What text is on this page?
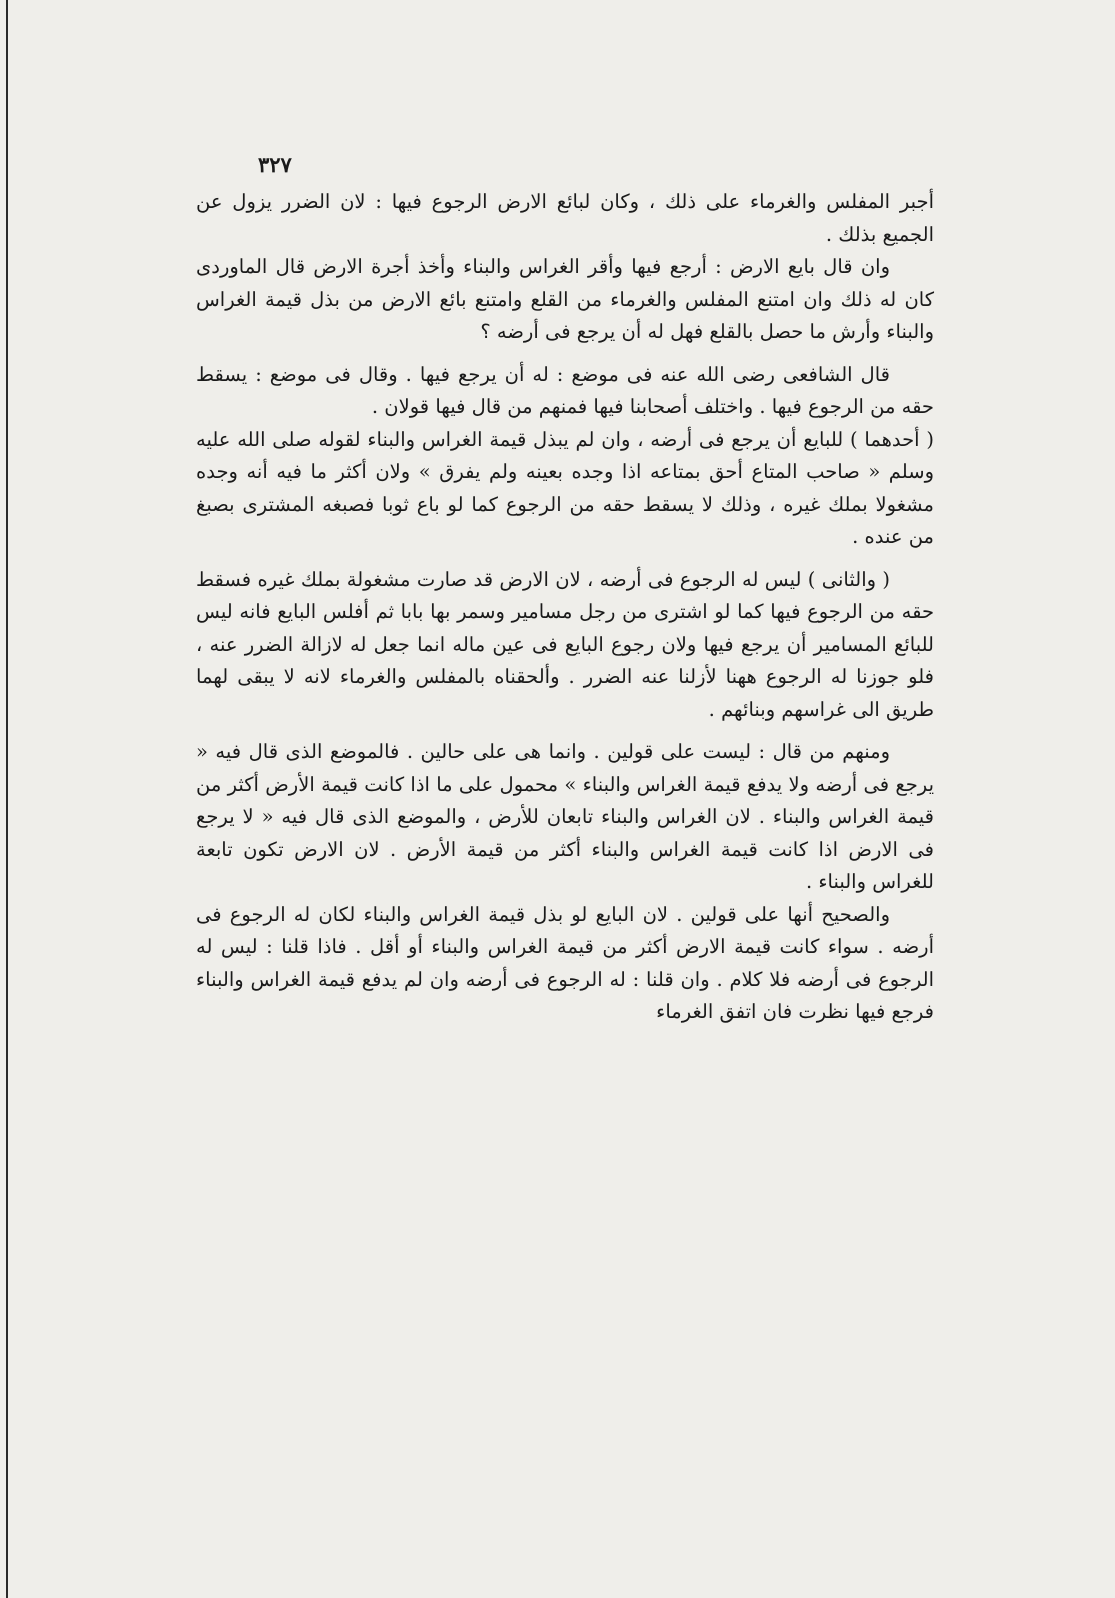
٣٢٧

أجبر المفلس والغرماء على ذلك ، وكان لبائع الارض الرجوع فيها : لان الضرر يزول عن الجميع بذلك .

وان قال بايع الارض : أرجع فيها وأقر الغراس والبناء وأخذ أجرة الارض قال الماوردى كان له ذلك وان امتنع المفلس والغرماء من القلع وامتنع بائع الارض من بذل قيمة الغراس والبناء وأرش ما حصل بالقلع فهل له أن يرجع فى أرضه ؟

قال الشافعى رضى الله عنه فى موضع : له أن يرجع فيها . وقال فى موضع : يسقط حقه من الرجوع فيها . واختلف أصحابنا فيها فمنهم من قال فيها قولان .

( أحدهما ) للبايع أن يرجع فى أرضه ، وان لم يبذل قيمة الغراس والبناء لقوله صلى الله عليه وسلم « صاحب المتاع أحق بمتاعه اذا وجده بعينه ولم يفرق » ولان أكثر ما فيه أنه وجده مشغولا بملك غيره ، وذلك لا يسقط حقه من الرجوع كما لو باع ثوبا فصبغه المشترى بصبغ من عنده .

( والثانى ) ليس له الرجوع فى أرضه ، لان الارض قد صارت مشغولة بملك غيره فسقط حقه من الرجوع فيها كما لو اشترى من رجل مسامير وسمر بها بابا ثم أفلس البايع فانه ليس للبائع المسامير أن يرجع فيها ولان رجوع البايع فى عين ماله انما جعل له لازالة الضرر عنه ، فلو جوزنا له الرجوع ههنا لأزلنا عنه الضرر . وألحقناه بالمفلس والغرماء لانه لا يبقى لهما طريق الى غراسهم وبنائهم .

ومنهم من قال : ليست على قولين . وانما هى على حالين . فالموضع الذى قال فيه « يرجع فى أرضه ولا يدفع قيمة الغراس والبناء » محمول على ما اذا كانت قيمة الأرض أكثر من قيمة الغراس والبناء . لان الغراس والبناء تابعان للأرض ، والموضع الذى قال فيه « لا يرجع فى الارض اذا كانت قيمة الغراس والبناء أكثر من قيمة الأرض . لان الارض تكون تابعة للغراس والبناء .

والصحيح أنها على قولين . لان البايع لو بذل قيمة الغراس والبناء لكان له الرجوع فى أرضه . سواء كانت قيمة الارض أكثر من قيمة الغراس والبناء أو أقل . فاذا قلنا : ليس له الرجوع فى أرضه فلا كلام . وان قلنا : له الرجوع فى أرضه وان لم يدفع قيمة الغراس والبناء فرجع فيها نظرت فان اتفق الغرماء
